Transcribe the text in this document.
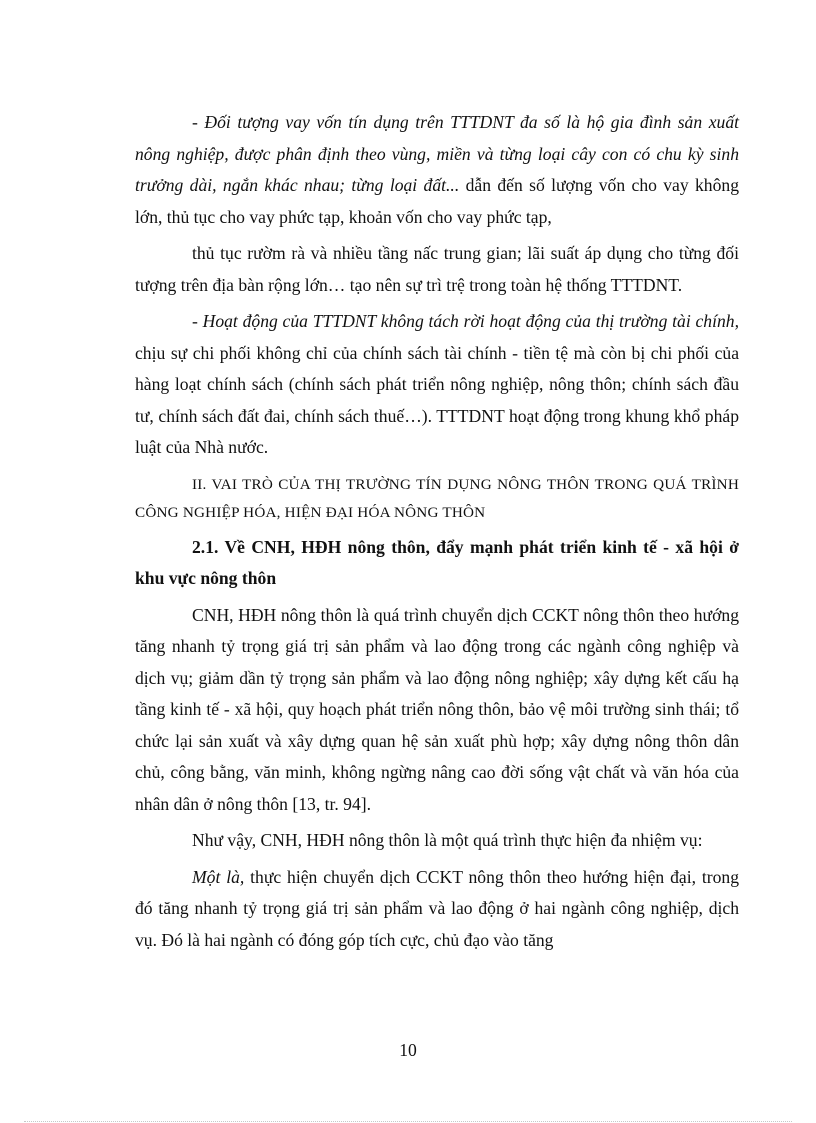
- Đối tượng vay vốn tín dụng trên TTTDNT đa số là hộ gia đình sản xuất nông nghiệp, được phân định theo vùng, miền và từng loại cây con có chu kỳ sinh trưởng dài, ngắn khác nhau; từng loại đất... dẫn đến số lượng vốn cho vay không lớn, thủ tục cho vay phức tạp, khoản vốn cho vay phức tạp,

thủ tục rườm rà và nhiều tầng nấc trung gian; lãi suất áp dụng cho từng đối tượng trên địa bàn rộng lớn… tạo nên sự trì trệ trong toàn hệ thống TTTDNT.

- Hoạt động của TTTDNT không tách rời hoạt động của thị trường tài chính, chịu sự chi phối không chỉ của chính sách tài chính - tiền tệ mà còn bị chi phối của hàng loạt chính sách (chính sách phát triển nông nghiệp, nông thôn; chính sách đầu tư, chính sách đất đai, chính sách thuế…). TTTDNT hoạt động trong khung khổ pháp luật của Nhà nước.

II. VAI TRÒ CỦA THỊ TRƯỜNG TÍN DỤNG NÔNG THÔN TRONG QUÁ TRÌNH CÔNG NGHIỆP HÓA, HIỆN ĐẠI HÓA NÔNG THÔN

2.1. Về CNH, HĐH nông thôn, đẩy mạnh phát triển kinh tế - xã hội ở khu vực nông thôn

CNH, HĐH nông thôn là quá trình chuyển dịch CCKT nông thôn theo hướng tăng nhanh tỷ trọng giá trị sản phẩm và lao động trong các ngành công nghiệp và dịch vụ; giảm dần tỷ trọng sản phẩm và lao động nông nghiệp; xây dựng kết cấu hạ tầng kinh tế - xã hội, quy hoạch phát triển nông thôn, bảo vệ môi trường sinh thái; tổ chức lại sản xuất và xây dựng quan hệ sản xuất phù hợp; xây dựng nông thôn dân chủ, công bằng, văn minh, không ngừng nâng cao đời sống vật chất và văn hóa của nhân dân ở nông thôn [13, tr. 94].

Như vậy, CNH, HĐH nông thôn là một quá trình thực hiện đa nhiệm vụ:

Một là, thực hiện chuyển dịch CCKT nông thôn theo hướng hiện đại, trong đó tăng nhanh tỷ trọng giá trị sản phẩm và lao động ở hai ngành công nghiệp, dịch vụ. Đó là hai ngành có đóng góp tích cực, chủ đạo vào tăng

10
